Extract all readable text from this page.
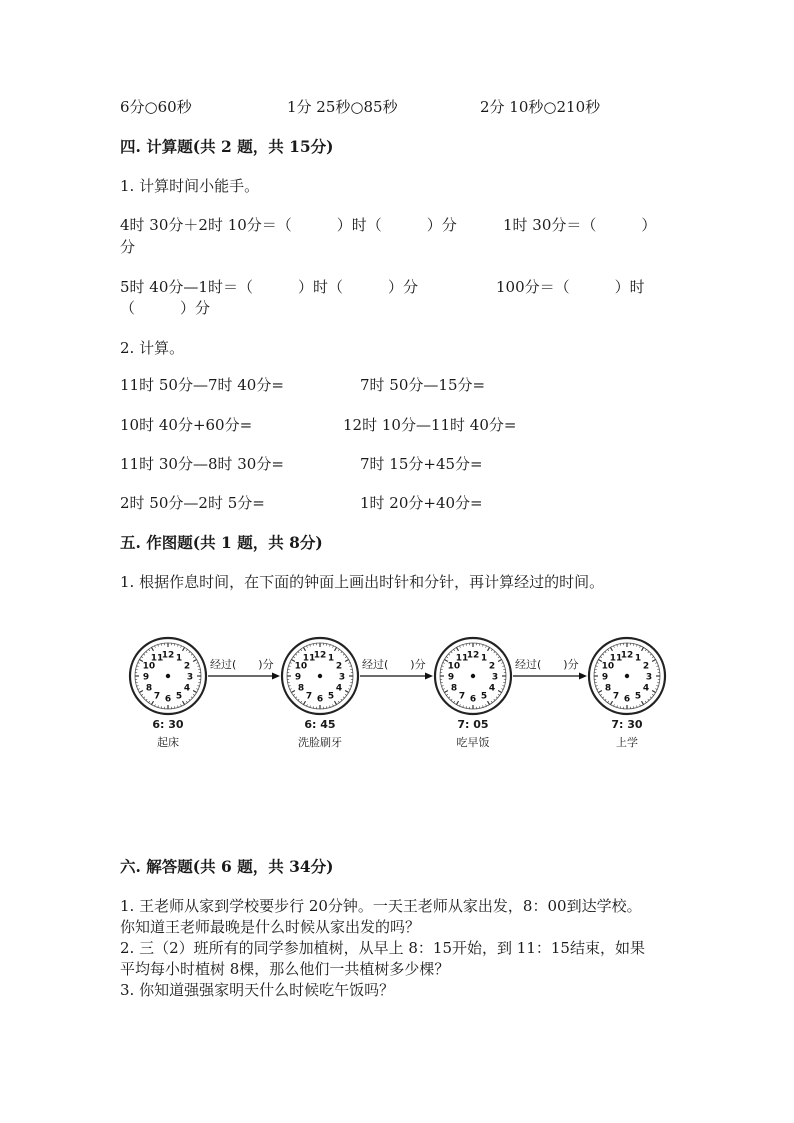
6分○60秒	1分 25秒○85秒	2分 10秒○210秒
四. 计算题(共 2 题，共 15分)
1. 计算时间小能手。
4时 30分＋2时 10分＝（　　　）时（　　　）分	1时 30分＝（　　　）
分
5时 40分—1时＝（　　　）时（　　　）分	100分＝（　　　）时
（　　　）分
2. 计算。
11时 50分—7时 40分=	7时 50分—15分=
10时 40分+60分=	12时 10分—11时 40分=
11时 30分—8时 30分=	7时 15分+45分=
2时 50分—2时 5分=	1时 20分+40分=
五. 作图题(共 1 题，共 8分)
1. 根据作息时间，在下面的钟面上画出时针和分针，再计算经过的时间。
12 1
2
3
4
5
6
7
8
9
10
11	12 1
2
3
4
5
6
7
8
9
10
11	12 1
2
3
4
5
6
7
8
9
10
11	12 1
2
3
4
5
6
7
8
9
10
11
6: 30
起床
经过(　　)分
6: 45
洗脸刷牙
经过(　　)分
7: 05
吃早饭
经过(　　)分
7: 30
上学
六. 解答题(共 6 题，共 34分)
1. 王老师从家到学校要步行 20分钟。一天王老师从家出发，8：00到达学校。
你知道王老师最晚是什么时候从家出发的吗？
2. 三（2）班所有的同学参加植树，从早上 8：15开始，到 11：15结束，如果
平均每小时植树 8棵，那么他们一共植树多少棵？
3. 你知道强强家明天什么时候吃午饭吗？
